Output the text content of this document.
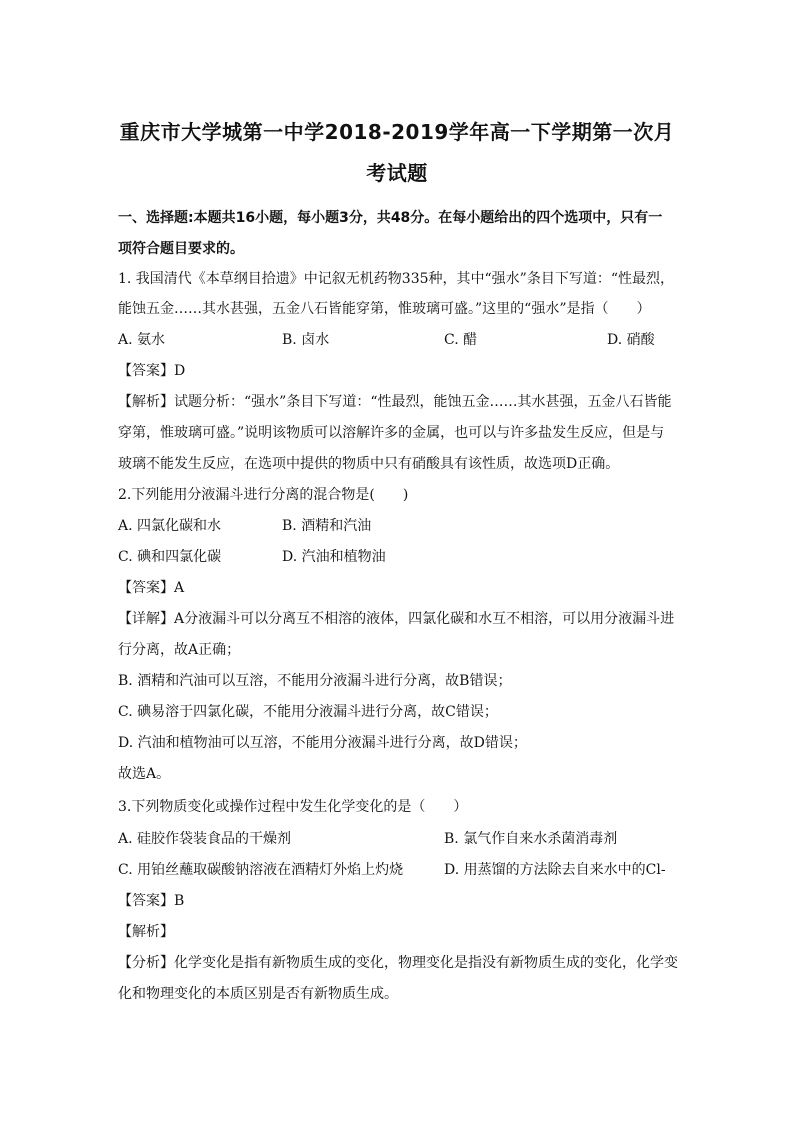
重庆市大学城第一中学2018-2019学年高一下学期第一次月
考试题
一、选择题:本题共16小题，每小题3分，共48分。在每小题给出的四个选项中，只有一
项符合题目要求的。
1. 我国清代《本草纲目拾遗》中记叙无机药物335种，其中“强水”条目下写道：“性最烈，
能蚀五金……其水甚强，五金八石皆能穿第，惟玻璃可盛。”这里的“强水”是指（　　）
A. 氨水	B. 卤水	C. 醋	D. 硝酸
【答案】D
【解析】试题分析：“强水”条目下写道：“性最烈，能蚀五金……其水甚强，五金八石皆能
穿第，惟玻璃可盛。”说明该物质可以溶解许多的金属，也可以与许多盐发生反应，但是与
玻璃不能发生反应，在选项中提供的物质中只有硝酸具有该性质，故选项D正确。
2.下列能用分液漏斗进行分离的混合物是(　　)
A. 四氯化碳和水	B. 酒精和汽油
C. 碘和四氯化碳	D. 汽油和植物油
【答案】A
【详解】A分液漏斗可以分离互不相溶的液体，四氯化碳和水互不相溶，可以用分液漏斗进
行分离，故A正确；
B. 酒精和汽油可以互溶，不能用分液漏斗进行分离，故B错误；
C. 碘易溶于四氯化碳，不能用分液漏斗进行分离，故C错误；
D. 汽油和植物油可以互溶，不能用分液漏斗进行分离，故D错误；
故选A。
3.下列物质变化或操作过程中发生化学变化的是（　　）
A. 硅胶作袋装食品的干燥剂	B. 氯气作自来水杀菌消毒剂
C. 用铂丝蘸取碳酸钠溶液在酒精灯外焰上灼烧	D. 用蒸馏的方法除去自来水中的Cl-
【答案】B
【解析】
【分析】化学变化是指有新物质生成的变化，物理变化是指没有新物质生成的变化，化学变
化和物理变化的本质区别是否有新物质生成。
